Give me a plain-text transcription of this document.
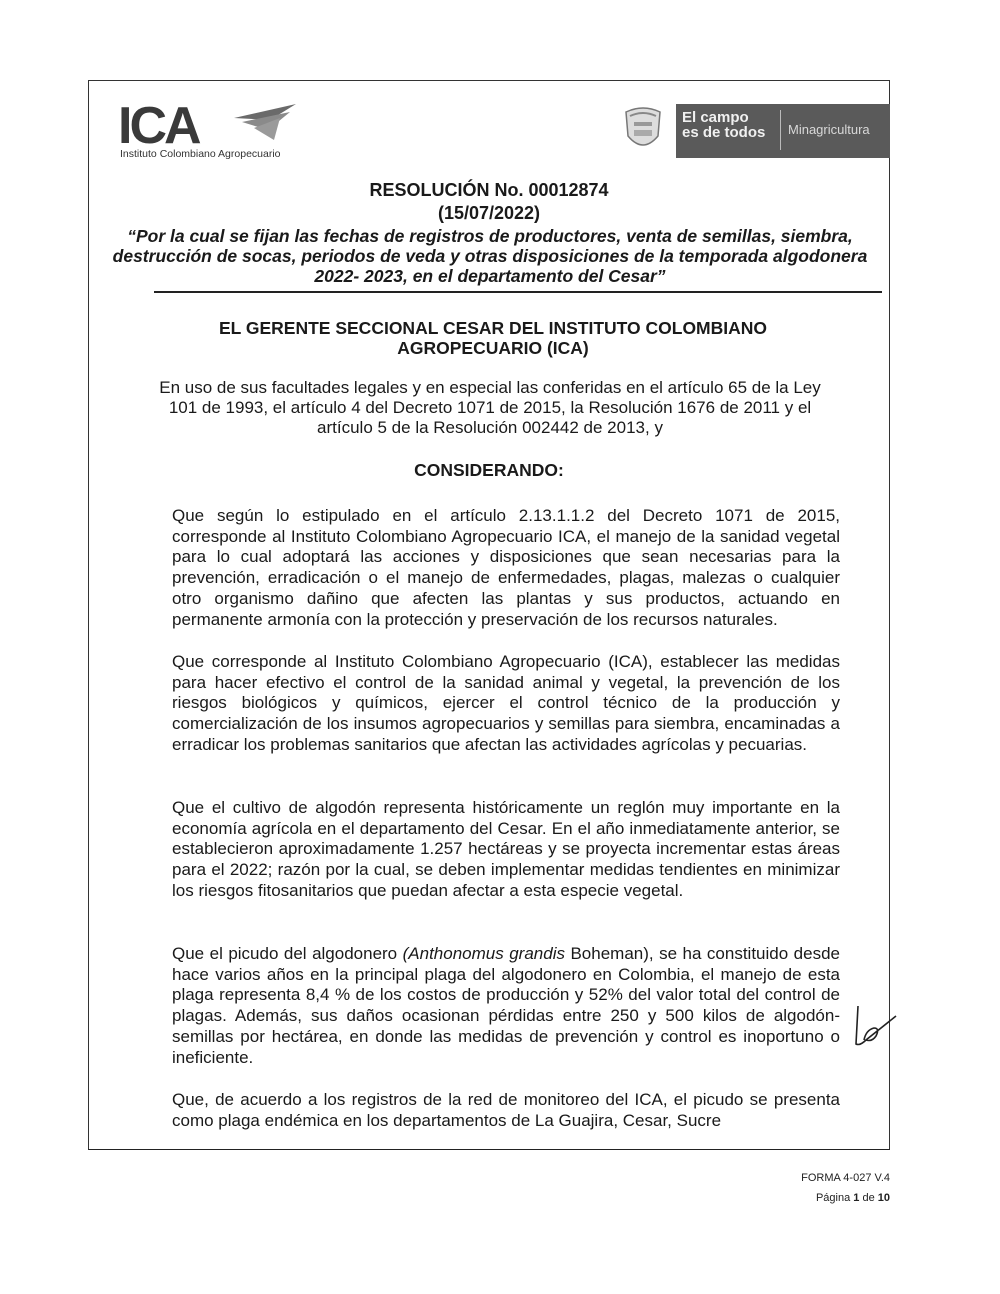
ICA
Instituto Colombiano Agropecuario
El campo
es de todos Minagricultura
RESOLUCIÓN No. 00012874
(15/07/2022)
“Por la cual se fijan las fechas de registros de productores, venta de semillas, siembra, destrucción de socas, periodos de veda y otras disposiciones de la temporada algodonera 2022- 2023, en el departamento del Cesar”
EL GERENTE SECCIONAL CESAR DEL INSTITUTO COLOMBIANO AGROPECUARIO (ICA)
En uso de sus facultades legales y en especial las conferidas en el artículo 65 de la Ley 101 de 1993, el artículo 4 del Decreto 1071 de 2015, la Resolución 1676 de 2011 y el artículo 5 de la Resolución 002442 de 2013, y
CONSIDERANDO:
Que según lo estipulado en el artículo 2.13.1.1.2 del Decreto 1071 de 2015, corresponde al Instituto Colombiano Agropecuario ICA, el manejo de la sanidad vegetal para lo cual adoptará las acciones y disposiciones que sean necesarias para la prevención, erradicación o el manejo de enfermedades, plagas, malezas o cualquier otro organismo dañino que afecten las plantas y sus productos, actuando en permanente armonía con la protección y preservación de los recursos naturales.
Que corresponde al Instituto Colombiano Agropecuario (ICA), establecer las medidas para hacer efectivo el control de la sanidad animal y vegetal, la prevención de los riesgos biológicos y químicos, ejercer el control técnico de la producción y comercialización de los insumos agropecuarios y semillas para siembra, encaminadas a erradicar los problemas sanitarios que afectan las actividades agrícolas y pecuarias.
Que el cultivo de algodón representa históricamente un reglón muy importante en la economía agrícola en el departamento del Cesar. En el año inmediatamente anterior, se establecieron aproximadamente 1.257 hectáreas y se proyecta incrementar estas áreas para el 2022; razón por la cual, se deben implementar medidas tendientes en minimizar los riesgos fitosanitarios que puedan afectar a esta especie vegetal.
Que el picudo del algodonero (Anthonomus grandis Boheman), se ha constituido desde hace varios años en la principal plaga del algodonero en Colombia, el manejo de esta plaga representa 8,4 % de los costos de producción y 52% del valor total del control de plagas. Además, sus daños ocasionan pérdidas entre 250 y 500 kilos de algodón-semillas por hectárea, en donde las medidas de prevención y control es inoportuno o ineficiente.
Que, de acuerdo a los registros de la red de monitoreo del ICA, el picudo se presenta como plaga endémica en los departamentos de La Guajira, Cesar, Sucre
FORMA 4-027 V.4
Página 1 de 10
